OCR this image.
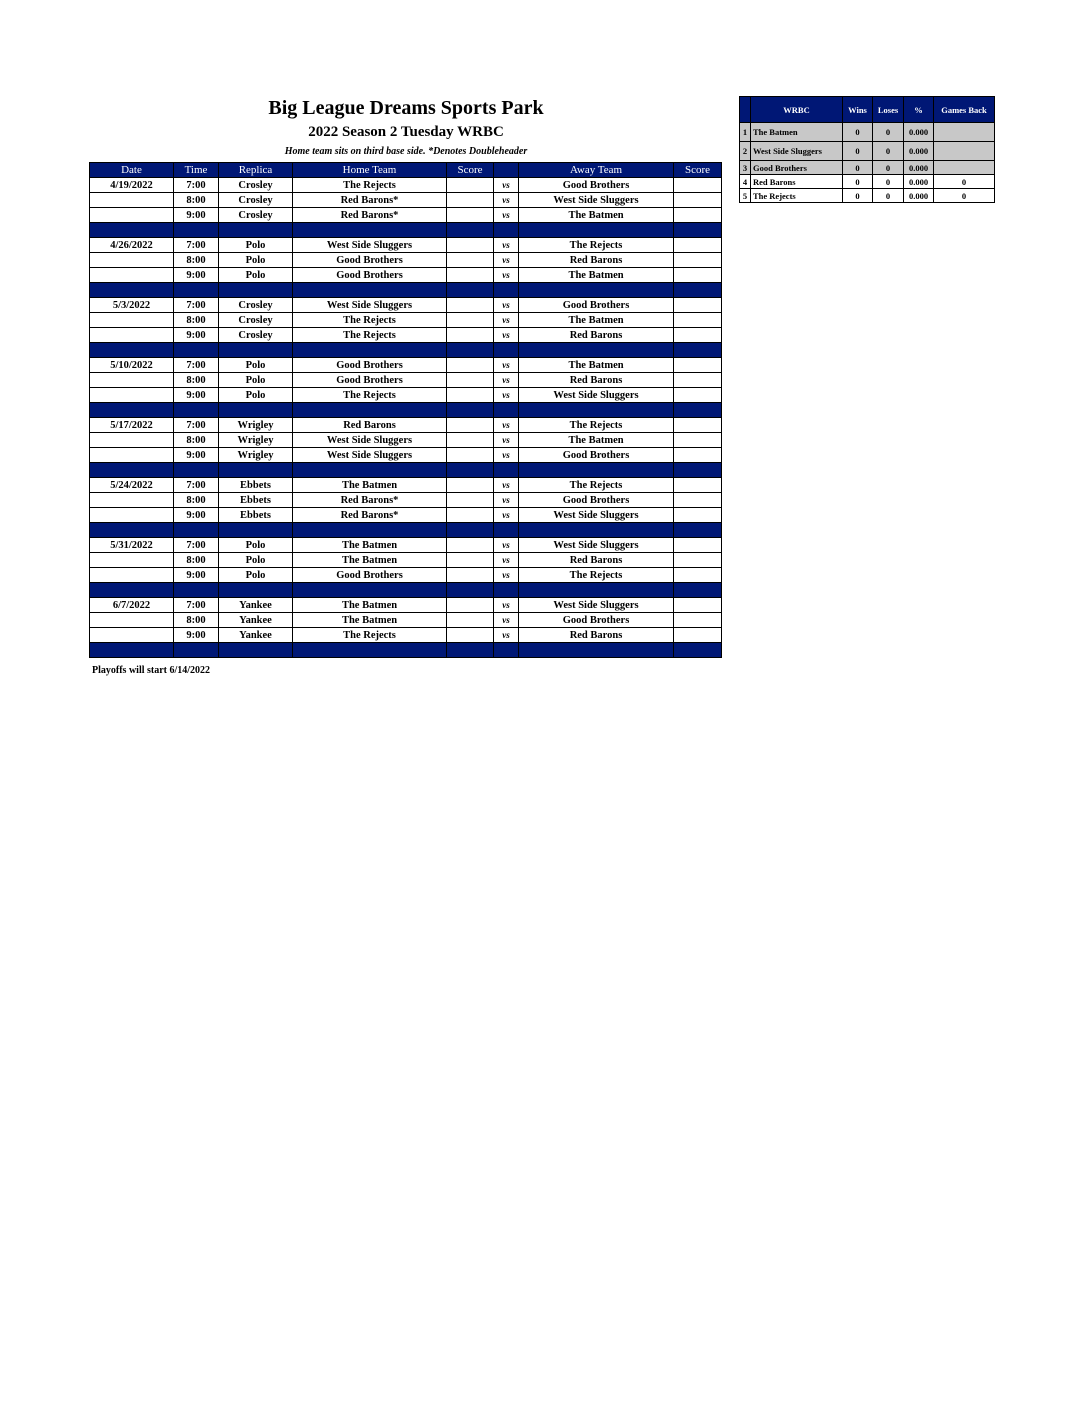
Big League Dreams Sports Park
2022 Season 2 Tuesday WRBC
Home team sits on third base side. *Denotes Doubleheader
Date	Time	Replica	Home Team	Score		Away Team	Score
4/19/2022	7:00	Crosley	The Rejects		vs	Good Brothers	
	8:00	Crosley	Red Barons*		vs	West Side Sluggers	
	9:00	Crosley	Red Barons*		vs	The Batmen	

4/26/2022	7:00	Polo	West Side Sluggers		vs	The Rejects	
	8:00	Polo	Good Brothers		vs	Red Barons	
	9:00	Polo	Good Brothers		vs	The Batmen	

5/3/2022	7:00	Crosley	West Side Sluggers		vs	Good Brothers	
	8:00	Crosley	The Rejects		vs	The Batmen	
	9:00	Crosley	The Rejects		vs	Red Barons	

5/10/2022	7:00	Polo	Good Brothers		vs	The Batmen	
	8:00	Polo	Good Brothers		vs	Red Barons	
	9:00	Polo	The Rejects		vs	West Side Sluggers	

5/17/2022	7:00	Wrigley	Red Barons		vs	The Rejects	
	8:00	Wrigley	West Side Sluggers		vs	The Batmen	
	9:00	Wrigley	West Side Sluggers		vs	Good Brothers	

5/24/2022	7:00	Ebbets	The Batmen		vs	The Rejects	
	8:00	Ebbets	Red Barons*		vs	Good Brothers	
	9:00	Ebbets	Red Barons*		vs	West Side Sluggers	

5/31/2022	7:00	Polo	The Batmen		vs	West Side Sluggers	
	8:00	Polo	The Batmen		vs	Red Barons	
	9:00	Polo	Good Brothers		vs	The Rejects	

6/7/2022	7:00	Yankee	The Batmen		vs	West Side Sluggers	
	8:00	Yankee	The Batmen		vs	Good Brothers	
	9:00	Yankee	The Rejects		vs	Red Barons	

Playoffs will start 6/14/2022
	WRBC	Wins	Loses	%	Games Back
1	The Batmen	0	0	0.000	
2	West Side Sluggers	0	0	0.000	
3	Good Brothers	0	0	0.000	
4	Red Barons	0	0	0.000	0
5	The Rejects	0	0	0.000	0
